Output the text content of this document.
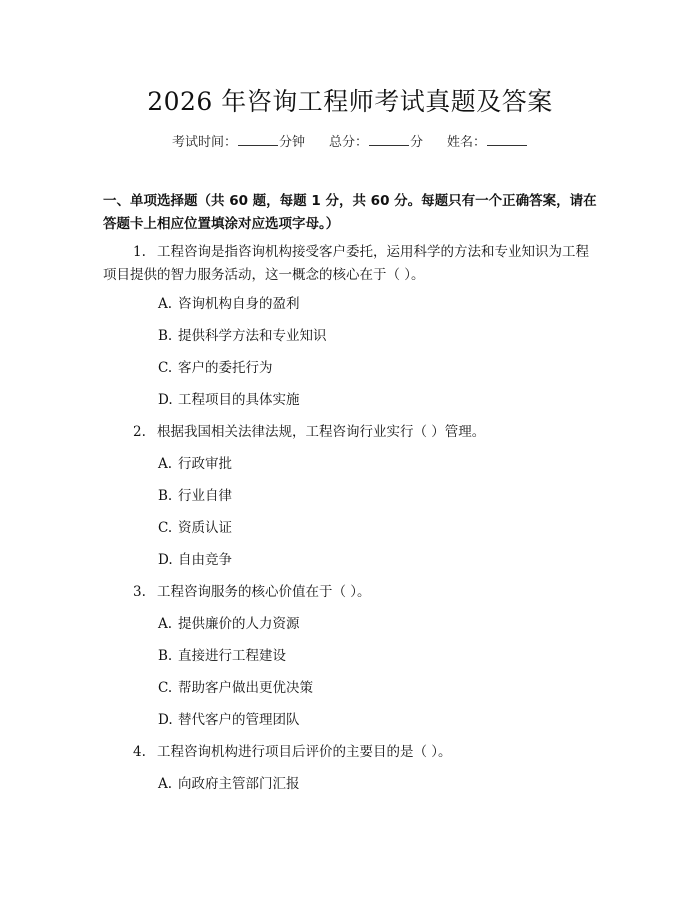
2026 年咨询工程师考试真题及答案
考试时间：	分钟 总分：	分 姓名：
一、单项选择题（共 60 题，每题 1 分，共 60 分。每题只有一个正确答案，请在答题卡上相应位置填涂对应选项字母。）
1. 工程咨询是指咨询机构接受客户委托，运用科学的方法和专业知识为工程项目提供的智力服务活动，这一概念的核心在于（ ）。
A. 咨询机构自身的盈利
B. 提供科学方法和专业知识
C. 客户的委托行为
D. 工程项目的具体实施
2. 根据我国相关法律法规，工程咨询行业实行（ ）管理。
A. 行政审批
B. 行业自律
C. 资质认证
D. 自由竞争
3. 工程咨询服务的核心价值在于（ ）。
A. 提供廉价的人力资源
B. 直接进行工程建设
C. 帮助客户做出更优决策
D. 替代客户的管理团队
4. 工程咨询机构进行项目后评价的主要目的是（ ）。
A. 向政府主管部门汇报
